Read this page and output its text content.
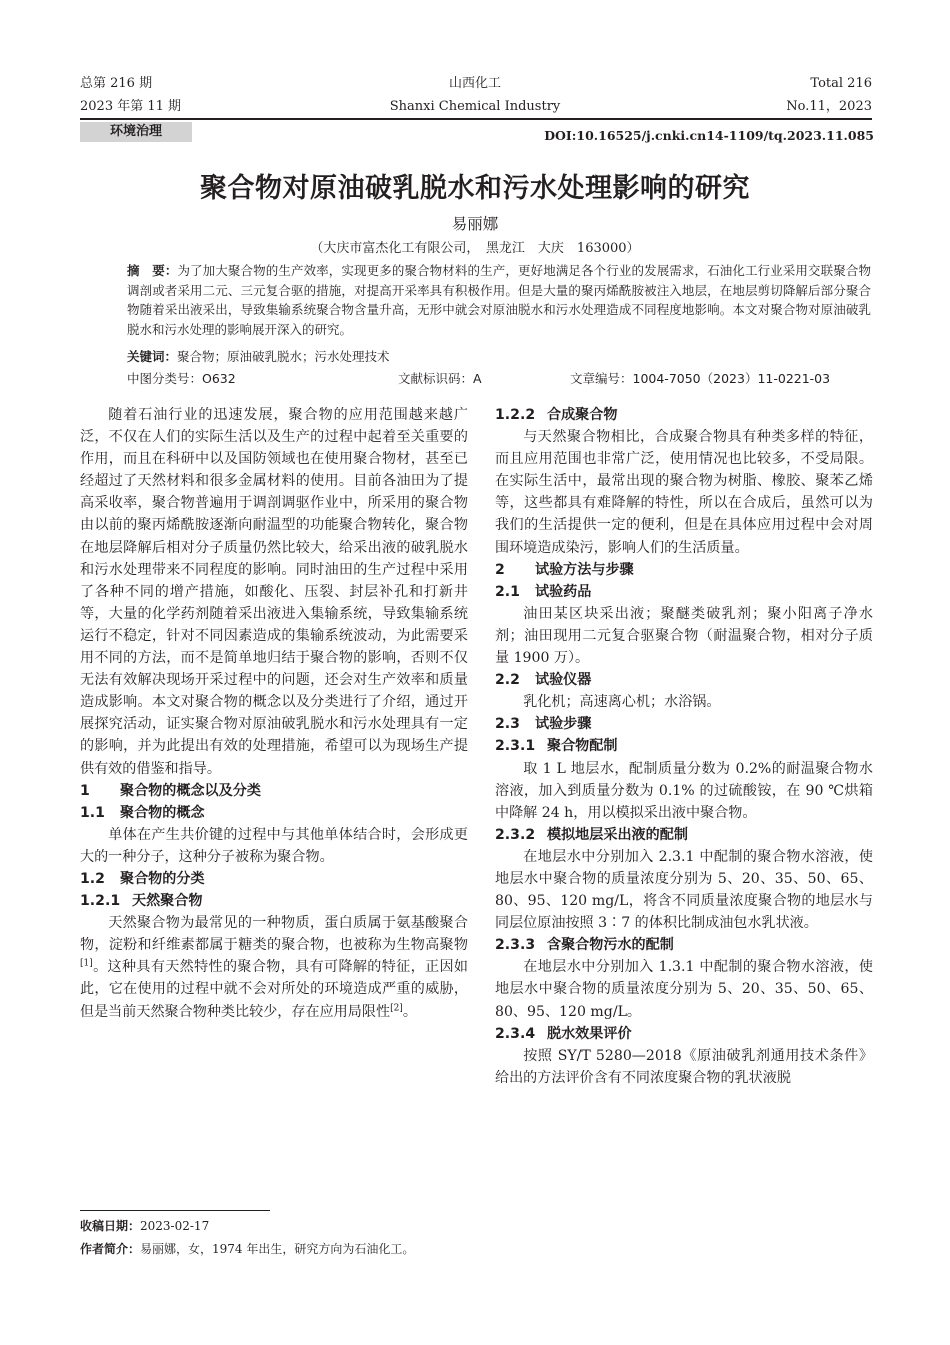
总第 216 期
2023 年第 11 期
山西化工
Shanxi Chemical Industry
Total 216
No.11，2023
环境治理	DOI:10.16525/j.cnki.cn14-1109/tq.2023.11.085
聚合物对原油破乳脱水和污水处理影响的研究
易丽娜
（大庆市富杰化工有限公司，　黑龙江　大庆　163000）
摘　要：为了加大聚合物的生产效率，实现更多的聚合物材料的生产，更好地满足各个行业的发展需求，石油化工行业采用交联聚合物调剖或者采用二元、三元复合驱的措施，对提高开采率具有积极作用。但是大量的聚丙烯酰胺被注入地层，在地层剪切降解后部分聚合物随着采出液采出，导致集输系统聚合物含量升高，无形中就会对原油脱水和污水处理造成不同程度地影响。本文对聚合物对原油破乳脱水和污水处理的影响展开深入的研究。
关键词：聚合物；原油破乳脱水；污水处理技术
中图分类号：O632	文献标识码：A	文章编号：1004-7050（2023）11-0221-03

随着石油行业的迅速发展，聚合物的应用范围越来越广泛，不仅在人们的实际生活以及生产的过程中起着至关重要的作用，而且在科研中以及国防领域也在使用聚合物材，甚至已经超过了天然材料和很多金属材料的使用。目前各油田为了提高采收率，聚合物普遍用于调剖调驱作业中，所采用的聚合物由以前的聚丙烯酰胺逐渐向耐温型的功能聚合物转化，聚合物在地层降解后相对分子质量仍然比较大，给采出液的破乳脱水和污水处理带来不同程度的影响。同时油田的生产过程中采用了各种不同的增产措施，如酸化、压裂、封层补孔和打新井等，大量的化学药剂随着采出液进入集输系统，导致集输系统运行不稳定，针对不同因素造成的集输系统波动，为此需要采用不同的方法，而不是简单地归结于聚合物的影响，否则不仅无法有效解决现场开采过程中的问题，还会对生产效率和质量造成影响。本文对聚合物的概念以及分类进行了介绍，通过开展探究活动，证实聚合物对原油破乳脱水和污水处理具有一定的影响，并为此提出有效的处理措施，希望可以为现场生产提供有效的借鉴和指导。

1 聚合物的概念以及分类

1.1 聚合物的概念

单体在产生共价键的过程中与其他单体结合时，会形成更大的一种分子，这种分子被称为聚合物。

1.2 聚合物的分类

1.2.1 天然聚合物

天然聚合物为最常见的一种物质，蛋白质属于氨基酸聚合物，淀粉和纤维素都属于糖类的聚合物，也被称为生物高聚物[1]。这种具有天然特性的聚合物，具有可降解的特征，正因如此，它在使用的过程中就不会对所处的环境造成严重的威胁，但是当前天然聚合物种类比较少，存在应用局限性[2]。

1.2.2 合成聚合物

与天然聚合物相比，合成聚合物具有种类多样的特征，而且应用范围也非常广泛，使用情况也比较多，不受局限。在实际生活中，最常出现的聚合物为树脂、橡胶、聚苯乙烯等，这些都具有难降解的特性，所以在合成后，虽然可以为我们的生活提供一定的便利，但是在具体应用过程中会对周围环境造成染污，影响人们的生活质量。

2 试验方法与步骤

2.1 试验药品

油田某区块采出液；聚醚类破乳剂；聚小阳离子净水剂；油田现用二元复合驱聚合物（耐温聚合物，相对分子质量 1900 万）。

2.2 试验仪器

乳化机；高速离心机；水浴锅。

2.3 试验步骤

2.3.1 聚合物配制

取 1 L 地层水，配制质量分数为 0.2%的耐温聚合物水溶液，加入到质量分数为 0.1% 的过硫酸铵，在 90 ℃烘箱中降解 24 h，用以模拟采出液中聚合物。

2.3.2 模拟地层采出液的配制

在地层水中分别加入 2.3.1 中配制的聚合物水溶液，使地层水中聚合物的质量浓度分别为 5、20、35、50、65、80、95、120 mg/L，将含不同质量浓度聚合物的地层水与同层位原油按照 3∶7 的体积比制成油包水乳状液。

2.3.3 含聚合物污水的配制

在地层水中分别加入 1.3.1 中配制的聚合物水溶液，使地层水中聚合物的质量浓度分别为 5、20、35、50、65、80、95、120 mg/L。

2.3.4 脱水效果评价

按照 SY/T 5280—2018《原油破乳剂通用技术条件》给出的方法评价含有不同浓度聚合物的乳状液脱

收稿日期：2023-02-17
作者简介：易丽娜，女，1974 年出生，研究方向为石油化工。
